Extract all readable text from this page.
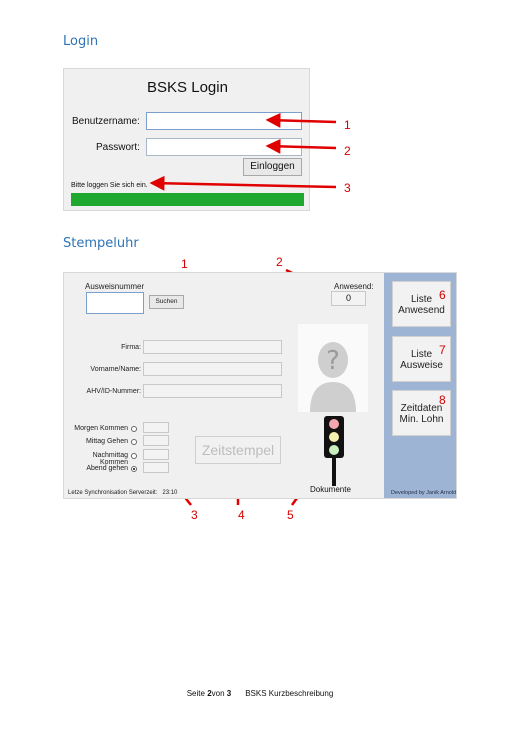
Login
Stempeluhr
BSKS Login
Benutzername:
Passwort:
Einloggen
Bitte loggen Sie sich ein.
1
2
3
Ausweisnummer
Suchen
Anwesend:
0
Firma:
Vorname/Name:
AHV/ID-Nummer:
Morgen Kommen
Mittag Gehen
Nachmittag Kommen
Abend gehen
Zeitstempel
?
Dokumente
Letze Synchronisation Serverzeit:   23:10
Liste
Anwesend
Liste
Ausweise
Zeitdaten
Min. Lohn
Developed by Janik Arnold
1	2
3	4	5
6
7
8
Seite 2von 3 BSKS Kurzbeschreibung
